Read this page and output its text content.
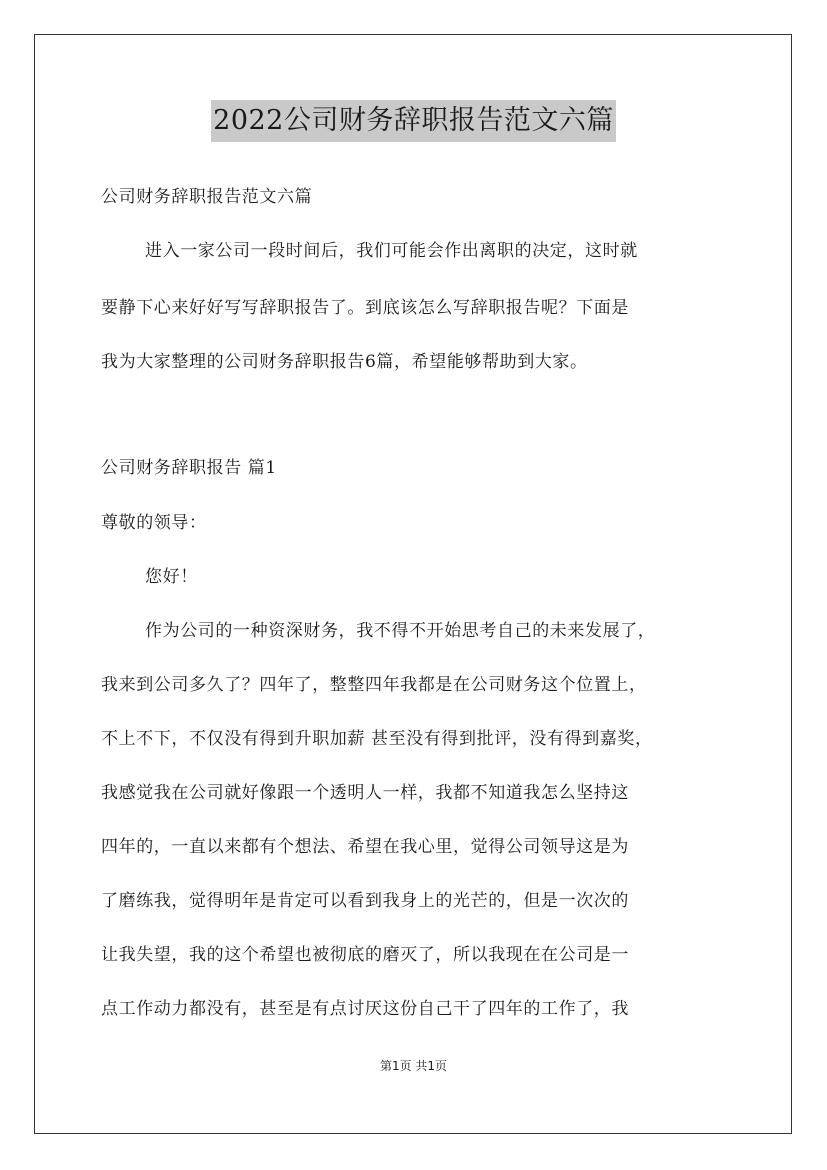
2022公司财务辞职报告范文六篇
公司财务辞职报告范文六篇
进入一家公司一段时间后，我们可能会作出离职的决定，这时就
要静下心来好好写写辞职报告了。到底该怎么写辞职报告呢？下面是
我为大家整理的公司财务辞职报告6篇，希望能够帮助到大家。
公司财务辞职报告 篇1
尊敬的领导：
您好！
作为公司的一种资深财务，我不得不开始思考自己的未来发展了，
我来到公司多久了？四年了，整整四年我都是在公司财务这个位置上，
不上不下，不仅没有得到升职加薪 甚至没有得到批评，没有得到嘉奖，
我感觉我在公司就好像跟一个透明人一样，我都不知道我怎么坚持这
四年的，一直以来都有个想法、希望在我心里，觉得公司领导这是为
了磨练我，觉得明年是肯定可以看到我身上的光芒的，但是一次次的
让我失望，我的这个希望也被彻底的磨灭了，所以我现在在公司是一
点工作动力都没有，甚至是有点讨厌这份自己干了四年的工作了，我
第1页 共1页
